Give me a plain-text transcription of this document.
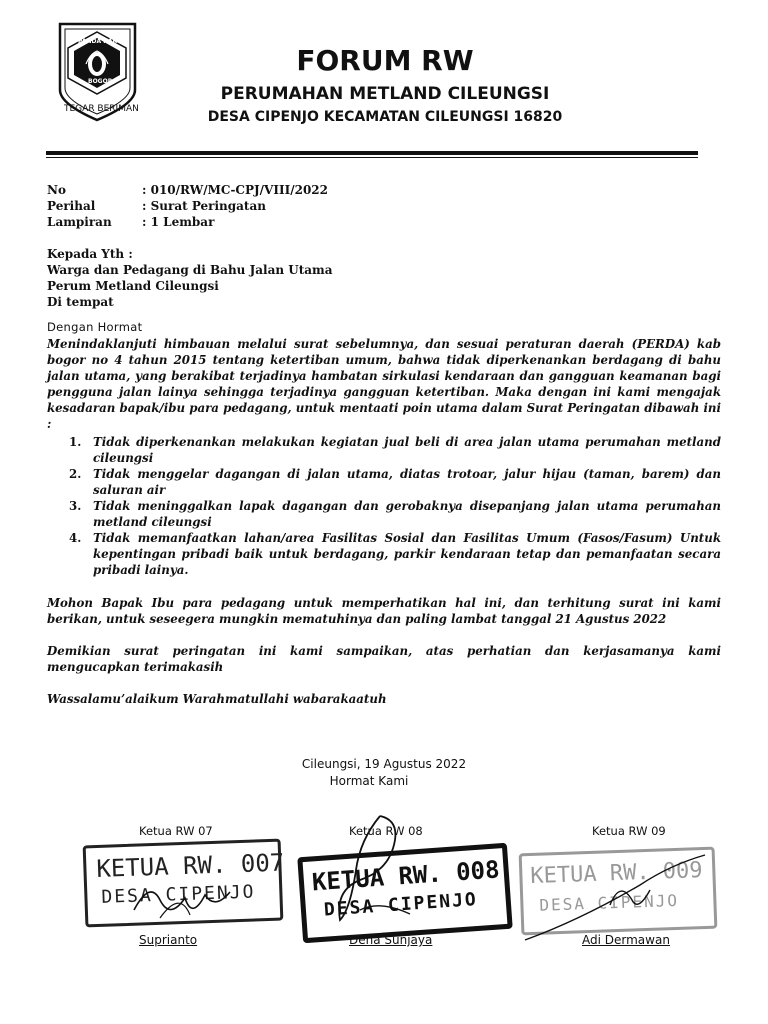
PANDA KARSA
BOGOR
TEGAR BERIMAN
FORUM RW
PERUMAHAN METLAND CILEUNGSI
DESA CIPENJO KECAMATAN CILEUNGSI 16820
No	: 010/RW/MC-CPJ/VIII/2022
Perihal	: Surat Peringatan
Lampiran	: 1 Lembar
Kepada Yth :
Warga dan Pedagang di Bahu Jalan Utama
Perum Metland Cileungsi
Di tempat
Dengan Hormat
Menindaklanjuti himbauan melalui surat sebelumnya, dan sesuai peraturan daerah (PERDA) kab bogor no 4 tahun 2015 tentang ketertiban umum, bahwa tidak diperkenankan berdagang di bahu jalan utama, yang berakibat terjadinya hambatan sirkulasi kendaraan dan gangguan keamanan bagi pengguna jalan lainya sehingga terjadinya gangguan ketertiban. Maka dengan ini kami mengajak kesadaran bapak/ibu para pedagang, untuk mentaati poin utama dalam Surat Peringatan dibawah ini :
1. Tidak diperkenankan melakukan kegiatan jual beli di area jalan utama perumahan metland cileungsi
2. Tidak menggelar dagangan di jalan utama, diatas trotoar, jalur hijau (taman, barem) dan saluran air
3. Tidak meninggalkan lapak dagangan dan gerobaknya disepanjang jalan utama perumahan metland cileungsi
4. Tidak memanfaatkan lahan/area Fasilitas Sosial dan Fasilitas Umum (Fasos/Fasum) Untuk kepentingan pribadi baik untuk berdagang, parkir kendaraan tetap dan pemanfaatan secara pribadi lainya.
Mohon Bapak Ibu para pedagang untuk memperhatikan hal ini, dan terhitung surat ini kami berikan, untuk seseegera mungkin mematuhinya dan paling lambat tanggal 21 Agustus 2022
Demikian surat peringatan ini kami sampaikan, atas perhatian dan kerjasamanya kami mengucapkan terimakasih
Wassalamu’alaikum Warahmatullahi wabarakaatuh
Cileungsi, 19 Agustus 2022
Hormat Kami
Ketua RW 07	Ketua RW 08	Ketua RW 09
KETUA RW. 007
DESA CIPENJO	KETUA RW. 008
DESA CIPENJO
KETUA RW. 009
DESA CIPENJO
Suprianto	Dena Sunjaya	Adi Dermawan
